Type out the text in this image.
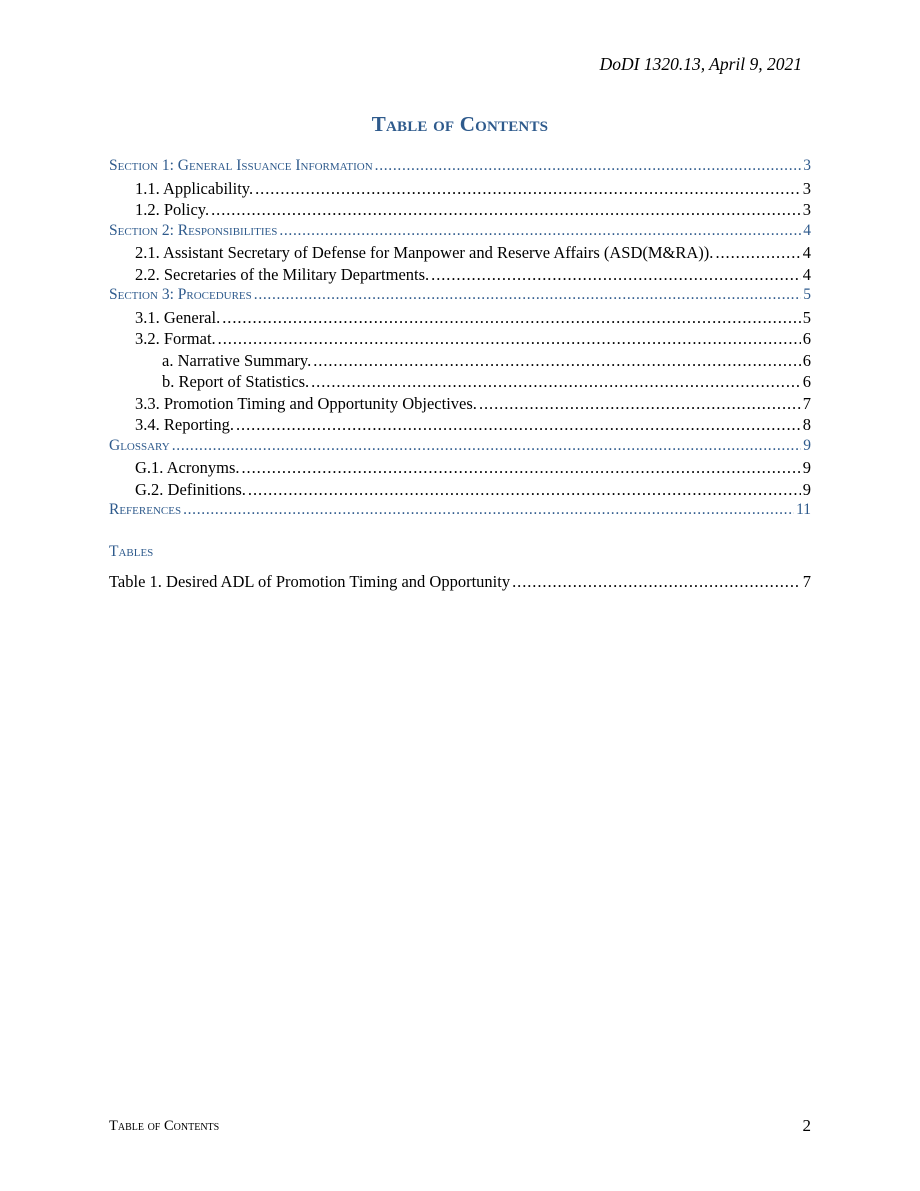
DoDI 1320.13, April 9, 2021
Table of Contents
Section 1: General Issuance Information . . .	3
1.1. Applicability. . . .	3
1.2. Policy. . . .	3
Section 2: Responsibilities . . .	4
2.1. Assistant Secretary of Defense for Manpower and Reserve Affairs (ASD(M&RA)). . . .	4
2.2. Secretaries of the Military Departments. . . .	4
Section 3: Procedures . . .	5
3.1. General. . . .	5
3.2. Format. . . .	6
a. Narrative Summary. . . .	6
b. Report of Statistics. . . .	6
3.3. Promotion Timing and Opportunity Objectives. . . .	7
3.4. Reporting. . . .	8
Glossary . . .	9
G.1. Acronyms. . . .	9
G.2. Definitions. . . .	9
References . . .	11
Tables
Table 1. Desired ADL of Promotion Timing and Opportunity . . .	7
Table of Contents	2
